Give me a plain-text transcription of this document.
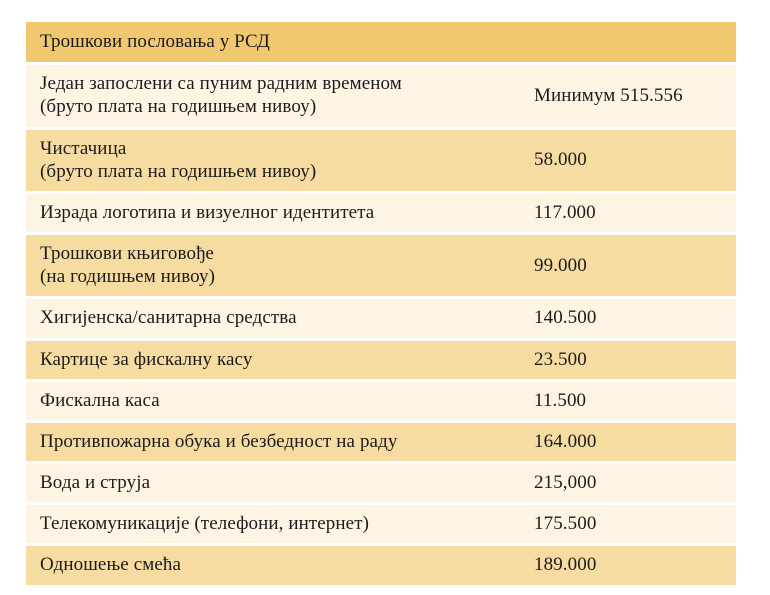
Трошкови пословања у РСД	

Један запослени са пуним радним временом
(бруто плата на годишњем нивоу)	Минимум 515.556

Чистачица
(бруто плата на годишњем нивоу)	58.000

Израда логотипа и визуелног идентитета	117.000

Трошкови књиговође
(на годишњем нивоу)	99.000

Хигијенска/санитарна средства	140.500

Картице за фискалну касу	23.500

Фискална каса	11.500

Противпожарна обука и безбедност на раду	164.000

Вода и струја	215,000

Телекомуникације (телефони, интернет)	175.500

Одношење смећа	189.000
